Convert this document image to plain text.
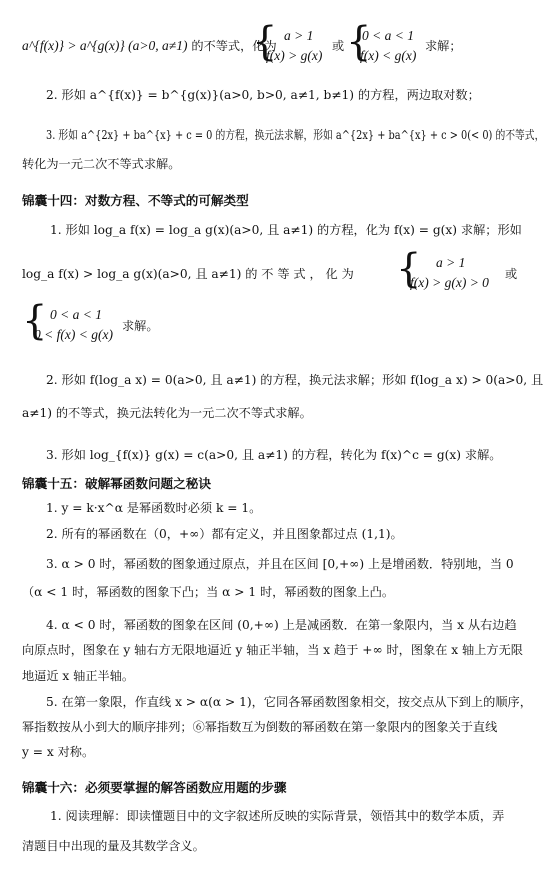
a^{f(x)} > a^{g(x)} (a>0, a≠1) 的不等式，化为
{ a > 1
f(x) > g(x)
或 {
0 < a < 1
f(x) < g(x)
求解；
2. 形如 a^{f(x)} = b^{g(x)}(a>0, b>0, a≠1, b≠1) 的方程，两边取对数；
3. 形如 a^{2x} + ba^{x} + c = 0 的方程，换元法求解，形如 a^{2x} + ba^{x} + c > 0(< 0) 的不等式，
转化为一元二次不等式求解。
锦囊十四：对数方程、不等式的可解类型
1. 形如 log_a f(x) = log_a g(x)(a>0, 且 a≠1) 的方程，化为 f(x) = g(x) 求解；形如
log_a f(x) > log_a g(x)(a>0, 且 a≠1) 的 不 等 式 ， 化 为 { a > 1
f(x) > g(x) > 0
或
{ 0 < a < 1
0 < f(x) < g(x)
求解。
2. 形如 f(log_a x) = 0(a>0, 且 a≠1) 的方程，换元法求解；形如 f(log_a x) > 0(a>0, 且
a≠1) 的不等式，换元法转化为一元二次不等式求解。
3. 形如 log_{f(x)} g(x) = c(a>0, 且 a≠1) 的方程，转化为 f(x)^c = g(x) 求解。
锦囊十五：破解幂函数问题之秘诀
1. y = k·x^α 是幂函数时必须 k = 1。
2. 所有的幂函数在（0，+∞）都有定义，并且图象都过点 (1,1)。
3. α > 0 时，幂函数的图象通过原点，并且在区间 [0,+∞) 上是增函数．特别地，当 0
（α < 1 时，幂函数的图象下凸；当 α > 1 时，幂函数的图象上凸。
4. α < 0 时，幂函数的图象在区间 (0,+∞) 上是减函数．在第一象限内，当 x 从右边趋
向原点时，图象在 y 轴右方无限地逼近 y 轴正半轴，当 x 趋于 +∞ 时，图象在 x 轴上方无限
地逼近 x 轴正半轴。
5. 在第一象限，作直线 x > α(α > 1)，它同各幂函数图象相交，按交点从下到上的顺序，
幂指数按从小到大的顺序排列；⑥幂指数互为倒数的幂函数在第一象限内的图象关于直线
y = x 对称。
锦囊十六：必须要掌握的解答函数应用题的步骤
1. 阅读理解：即读懂题目中的文字叙述所反映的实际背景，领悟其中的数学本质，弄
清题目中出现的量及其数学含义。
